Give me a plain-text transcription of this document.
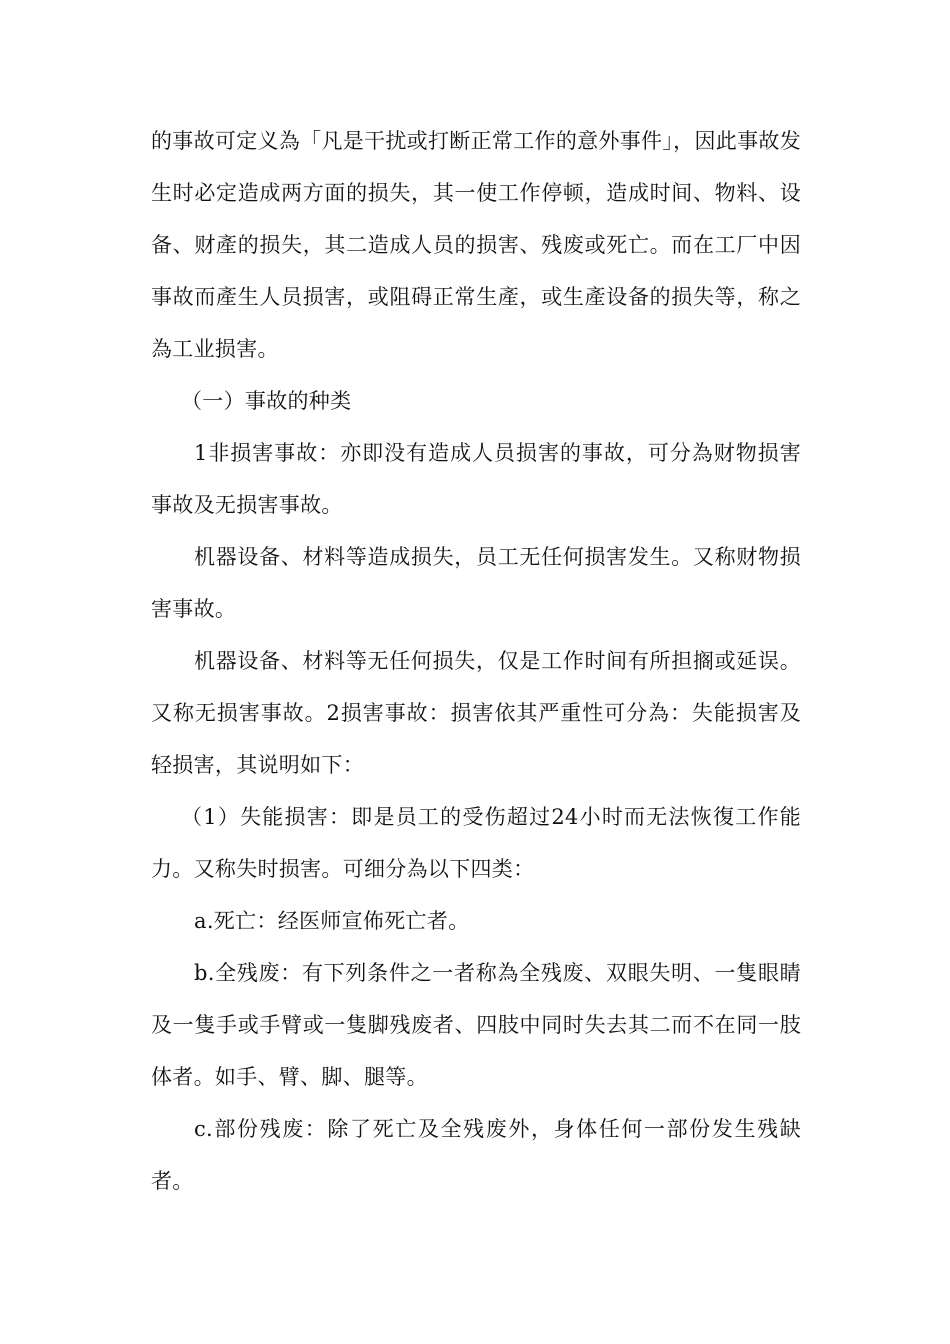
的事故可定义為「凡是干扰或打断正常工作的意外事件」，因此事故发生时必定造成两方面的损失，其一使工作停顿，造成时间、物料、设备、财產的损失，其二造成人员的损害、残废或死亡。而在工厂中因事故而產生人员损害，或阻碍正常生產，或生產设备的损失等，称之為工业损害。

（一）事故的种类

1非损害事故：亦即没有造成人员损害的事故，可分為财物损害事故及无损害事故。

机器设备、材料等造成损失，员工无任何损害发生。又称财物损害事故。

机器设备、材料等无任何损失，仅是工作时间有所担搁或延误。又称无损害事故。2损害事故：损害依其严重性可分為：失能损害及轻损害，其说明如下：

（1）失能损害：即是员工的受伤超过24小时而无法恢復工作能力。又称失时损害。可细分為以下四类：

a.死亡：经医师宣佈死亡者。

b.全残废：有下列条件之一者称為全残废、双眼失明、一隻眼睛及一隻手或手臂或一隻脚残废者、四肢中同时失去其二而不在同一肢体者。如手、臂、脚、腿等。

c.部份残废：除了死亡及全残废外，身体任何一部份发生残缺者。
